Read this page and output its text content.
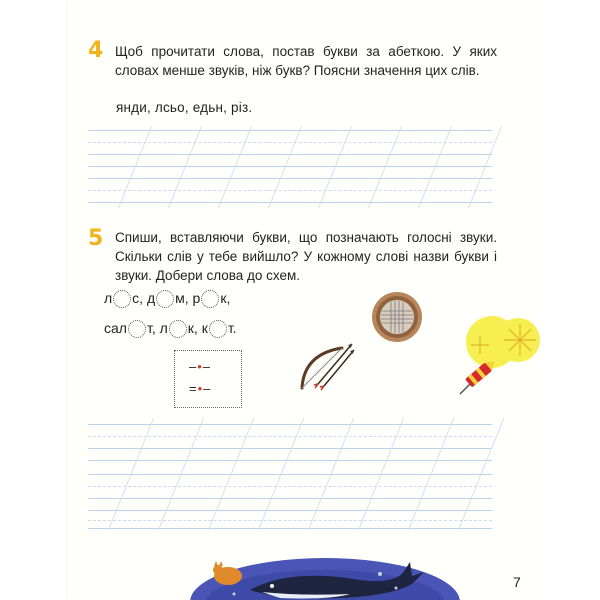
4 Щоб прочитати слова, постав букви за абеткою. У яких словах менше звуків, ніж букв? Поясни значення цих слів.
янди, лсьо, едьн, різ.
5 Спиши, вставляючи букви, що позначають голосні звуки. Скільки слів у тебе вийшло? У кожному слові назви букви і звуки. Добери слова до схем.
л с, д м, р к,
сал т, л к, к т.
–•–
=•–
7
